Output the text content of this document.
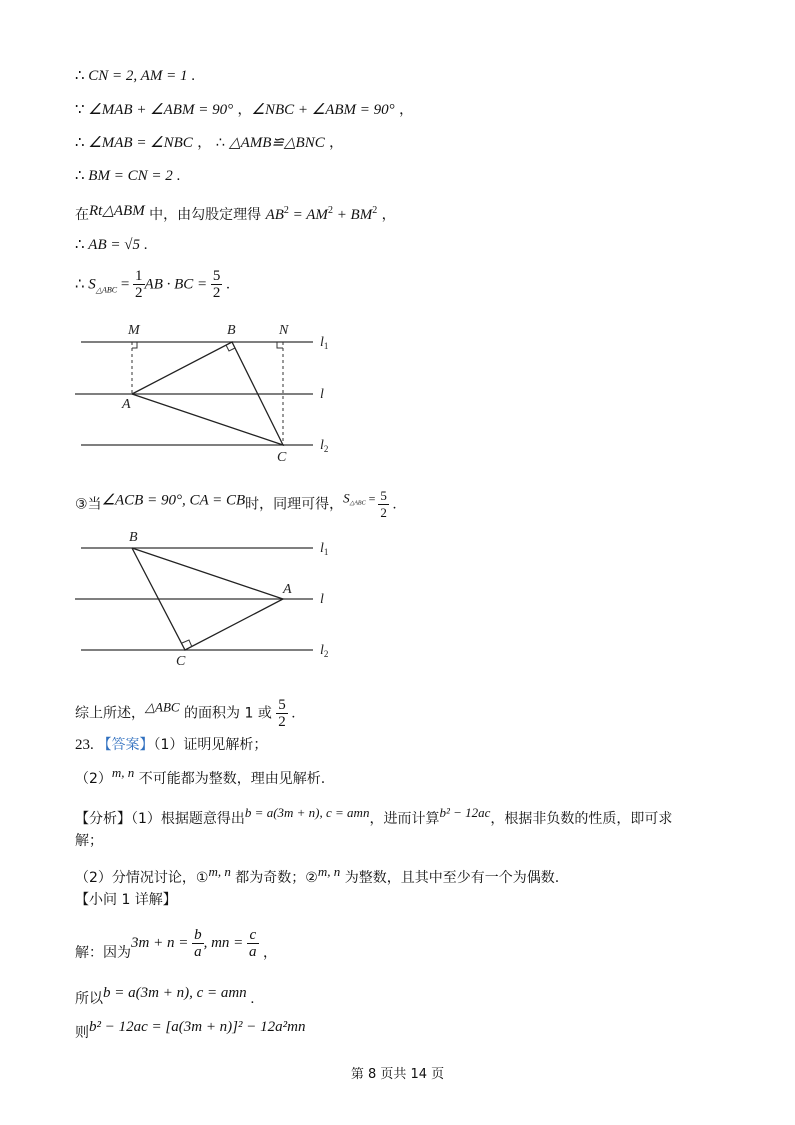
∴ CN = 2, AM = 1 .
∵ ∠MAB + ∠ABM = 90° ，∠NBC + ∠ABM = 90° ，
∴ ∠MAB = ∠NBC ， ∴ △AMB≌△BNC ，
∴ BM = CN = 2 .
在Rt△ABM 中，由勾股定理得 $AB^2 = AM^2 + BM^2$ ，
∴ AB = √5 .
∴ $S_{\triangle ABC} = \frac{1}{2}$ AB · BC = $\frac{5}{2}$ .
M	B	N
A
C
$l_1$
l
$l_2$
③当∠ACB = 90°, CA = CB时，同理可得，$S^{\triangle ABC} = \frac{5}{2}$ .
B
A
C
$l_1$
l
$l_2$
综上所述，△ABC 的面积为 1 或 $\frac{5}{2}$ .
23. 【答案】（1）证明见解析；
（2）m, n 不可能都为整数，理由见解析.
【分析】（1）根据题意得出b = a(3m + n), c = amn，进而计算b² − 12ac，根据非负数的性质，即可求
解；
（2）分情况讨论，①m, n 都为奇数；②m, n 为整数，且其中至少有一个为偶数.
【小问 1 详解】
解：因为$3m + n = \frac{b}{a}$ , mn = $\frac{c}{a}$ ，
所以b = a(3m + n), c = amn .
则b² − 12ac = [a(3m + n)]² − 12a²mn
第 8 页共 14 页
